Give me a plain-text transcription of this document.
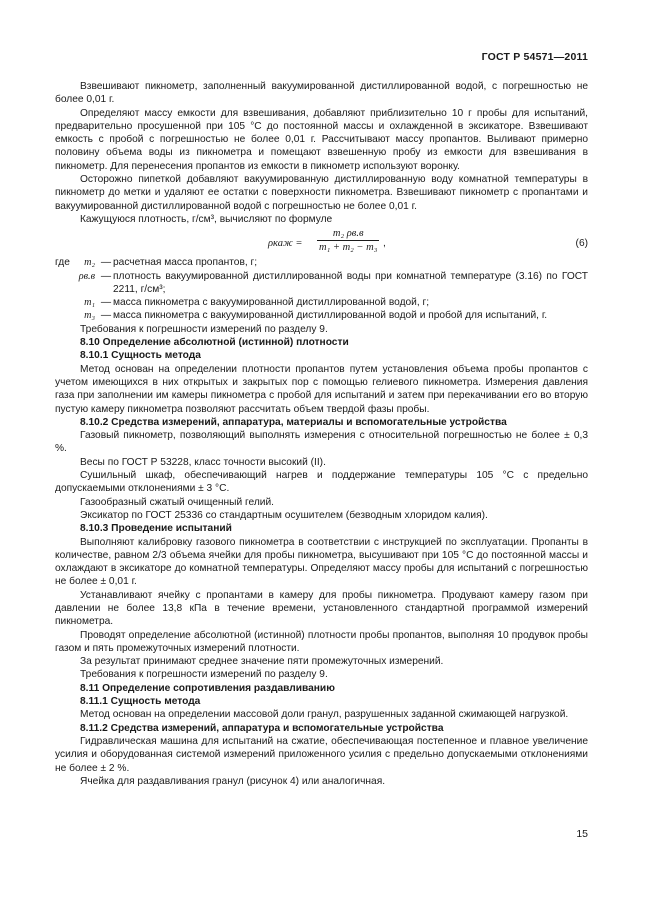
ГОСТ Р 54571—2011

Взвешивают пикнометр, заполненный вакуумированной дистиллированной водой, с погрешностью не более 0,01 г.

Определяют массу емкости для взвешивания, добавляют приблизительно 10 г пробы для испытаний, предварительно просушенной при 105 °С до постоянной массы и охлажденной в эксикаторе. Взвешивают емкость с пробой с погрешностью не более 0,01 г. Рассчитывают массу пропантов. Выливают примерно половину объема воды из пикнометра и помещают взвешенную пробу из емкости для взвешивания в пикнометр. Для перенесения пропантов из емкости в пикнометр используют воронку.

Осторожно пипеткой добавляют вакуумированную дистиллированную воду комнатной температуры в пикнометр до метки и удаляют ее остатки с поверхности пикнометра. Взвешивают пикнометр с пропантами и вакуумированной дистиллированной водой с погрешностью не более 0,01 г.

Кажущуюся плотность, г/см³, вычисляют по формуле

ρкаж =
m₂ ρв.в
m₁ + m₂ − m₃ ,	(6)
где	m₂ — расчетная масса пропантов, г;
ρв.в — плотность вакуумированной дистиллированной воды при комнатной температуре (3.16) по ГОСТ 2211, г/см³;
m₁ — масса пикнометра с вакуумированной дистиллированной водой, г;
m₃ — масса пикнометра с вакуумированной дистиллированной водой и пробой для испытаний, г.

Требования к погрешности измерений по разделу 9.

8.10 Определение абсолютной (истинной) плотности

8.10.1 Сущность метода

Метод основан на определении плотности пропантов путем установления объема пробы пропантов с учетом имеющихся в них открытых и закрытых пор с помощью гелиевого пикнометра. Измерения давления газа при заполнении им камеры пикнометра с пробой для испытаний и затем при перекачивании его во вторую пустую камеру пикнометра позволяют рассчитать объем твердой фазы пробы.

8.10.2 Средства измерений, аппаратура, материалы и вспомогательные устройства

Газовый пикнометр, позволяющий выполнять измерения с относительной погрешностью не более ± 0,3 %.

Весы по ГОСТ Р 53228, класс точности высокий (II).

Сушильный шкаф, обеспечивающий нагрев и поддержание температуры 105 °С с предельно допускаемыми отклонениями ± 3 °С.

Газообразный сжатый очищенный гелий.

Эксикатор по ГОСТ 25336 со стандартным осушителем (безводным хлоридом калия).

8.10.3 Проведение испытаний

Выполняют калибровку газового пикнометра в соответствии с инструкцией по эксплуатации. Пропанты в количестве, равном 2/3 объема ячейки для пробы пикнометра, высушивают при 105 °С до постоянной массы и охлаждают в эксикаторе до комнатной температуры. Определяют массу пробы для испытаний с погрешностью не более ± 0,01 г.

Устанавливают ячейку с пропантами в камеру для пробы пикнометра. Продувают камеру газом при давлении не более 13,8 кПа в течение времени, установленного стандартной программой измерений пикнометра.

Проводят определение абсолютной (истинной) плотности пробы пропантов, выполняя 10 продувок пробы газом и пять промежуточных измерений плотности.

За результат принимают среднее значение пяти промежуточных измерений.

Требования к погрешности измерений по разделу 9.

8.11 Определение сопротивления раздавливанию

8.11.1 Сущность метода

Метод основан на определении массовой доли гранул, разрушенных заданной сжимающей нагрузкой.

8.11.2 Средства измерений, аппаратура и вспомогательные устройства

Гидравлическая машина для испытаний на сжатие, обеспечивающая постепенное и плавное увеличение усилия и оборудованная системой измерений приложенного усилия с предельно допускаемыми отклонениями не более ± 2 %.

Ячейка для раздавливания гранул (рисунок 4) или аналогичная.

15
